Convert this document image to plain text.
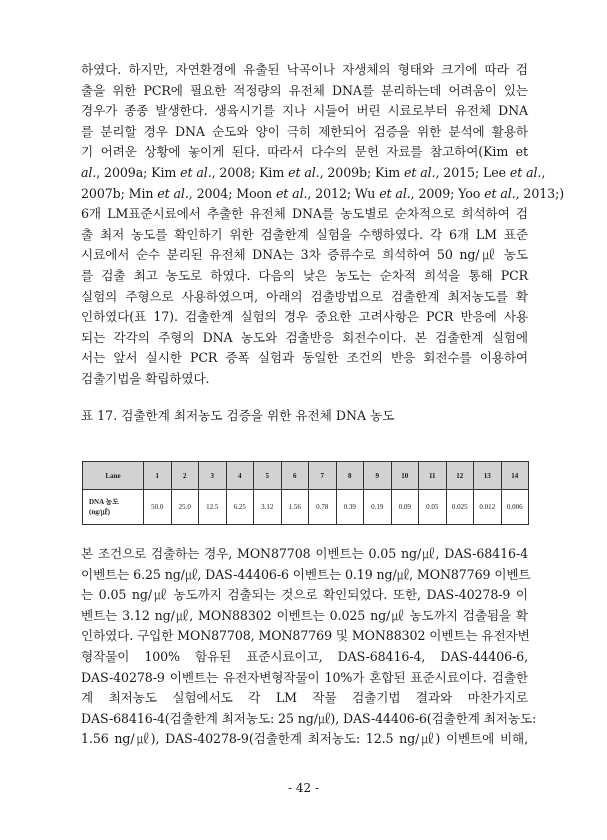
하였다. 하지만, 자연환경에 유출된 낙곡이나 자생체의 형태와 크기에 따라 검
출을 위한 PCR에 필요한 적정량의 유전체 DNA를 분리하는데 어려움이 있는
경우가 종종 발생한다. 생육시기를 지나 시들어 버린 시료로부터 유전체 DNA
를 분리할 경우 DNA 순도와 양이 극히 제한되어 검증을 위한 분석에 활용하
기 어려운 상황에 놓이게 된다. 따라서 다수의 문헌 자료를 참고하여(Kim et
al., 2009a; Kim et al., 2008; Kim et al., 2009b; Kim et al., 2015; Lee et al.,
2007b; Min et al., 2004; Moon et al., 2012; Wu et al., 2009; Yoo et al., 2013;)
6개 LM표준시료에서 추출한 유전체 DNA를 농도별로 순차적으로 희석하여 검
출 최저 농도를 확인하기 위한 검출한계 실험을 수행하였다. 각 6개 LM 표준
시료에서 순수 분리된 유전체 DNA는 3차 증류수로 희석하여 50 ng/㎕ 농도
를 검출 최고 농도로 하였다. 다음의 낮은 농도는 순차적 희석을 통해 PCR
실험의 주형으로 사용하였으며, 아래의 검출방법으로 검출한계 최저농도를 확
인하였다(표 17). 검출한계 실험의 경우 중요한 고려사항은 PCR 반응에 사용
되는 각각의 주형의 DNA 농도와 검출반응 회전수이다. 본 검출한계 실험에
서는 앞서 실시한 PCR 증폭 실험과 동일한 조건의 반응 회전수를 이용하여
검출기법을 확립하였다.
표 17. 검출한계 최저농도 검증을 위한 유전체 DNA 농도
Lane	1	2	3	4	5	6	7	8	9	10	11	12	13	14

DNA 농도
(ng/㎕)	50.0	25.0	12.5	6.25	3.12	1.56	0.78	0.39	0.19	0.09	0.05	0.025	0.012	0.006
본 조건으로 검출하는 경우, MON87708 이벤트는 0.05 ng/㎕, DAS-68416-4
이벤트는 6.25 ng/㎕, DAS-44406-6 이벤트는 0.19 ng/㎕, MON87769 이벤트
는 0.05 ng/㎕ 농도까지 검출되는 것으로 확인되었다. 또한, DAS-40278-9 이
벤트는 3.12 ng/㎕, MON88302 이벤트는 0.025 ng/㎕ 농도까지 검출됨을 확
인하였다. 구입한 MON87708, MON87769 및 MON88302 이벤트는 유전자변
형작물이 100% 함유된 표준시료이고, DAS-68416-4, DAS-44406-6,
DAS-40278-9 이벤트는 유전자변형작물이 10%가 혼합된 표준시료이다. 검출한
계 최저농도 실험에서도 각 LM 작물 검출기법 결과와 마찬가지로
DAS-68416-4(검출한계 최저농도: 25 ng/㎕), DAS-44406-6(검출한계 최저농도:
1.56 ng/㎕), DAS-40278-9(검출한계 최저농도: 12.5 ng/㎕) 이벤트에 비해,
- 42 -
